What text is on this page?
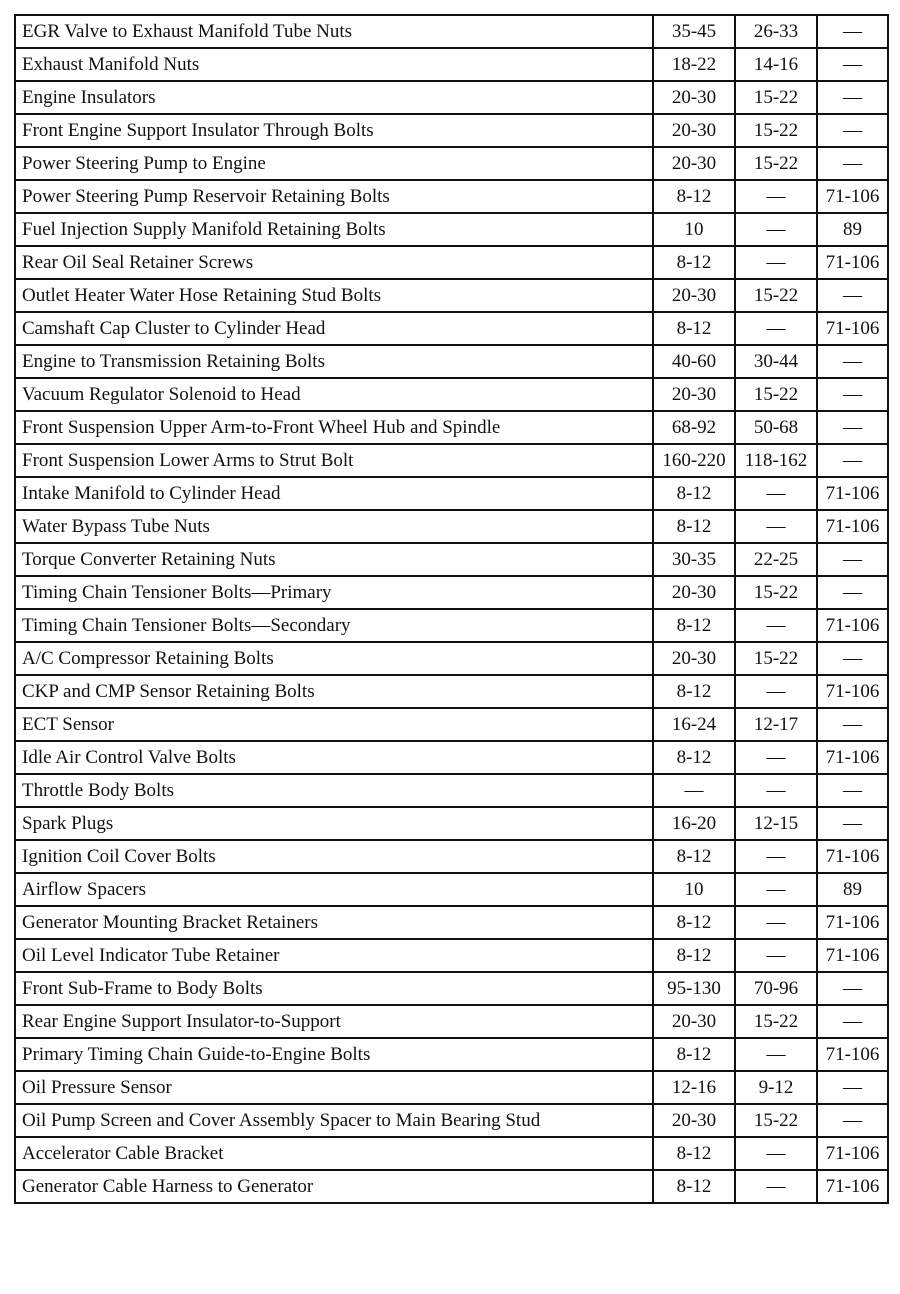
EGR Valve to Exhaust Manifold Tube Nuts	35-45	26-33	—
Exhaust Manifold Nuts	18-22	14-16	—
Engine Insulators	20-30	15-22	—
Front Engine Support Insulator Through Bolts	20-30	15-22	—
Power Steering Pump to Engine	20-30	15-22	—
Power Steering Pump Reservoir Retaining Bolts	8-12	—	71-106
Fuel Injection Supply Manifold Retaining Bolts	10	—	89
Rear Oil Seal Retainer Screws	8-12	—	71-106
Outlet Heater Water Hose Retaining Stud Bolts	20-30	15-22	—
Camshaft Cap Cluster to Cylinder Head	8-12	—	71-106
Engine to Transmission Retaining Bolts	40-60	30-44	—
Vacuum Regulator Solenoid to Head	20-30	15-22	—
Front Suspension Upper Arm-to-Front Wheel Hub and Spindle	68-92	50-68	—
Front Suspension Lower Arms to Strut Bolt	160-220	118-162	—
Intake Manifold to Cylinder Head	8-12	—	71-106
Water Bypass Tube Nuts	8-12	—	71-106
Torque Converter Retaining Nuts	30-35	22-25	—
Timing Chain Tensioner Bolts—Primary	20-30	15-22	—
Timing Chain Tensioner Bolts—Secondary	8-12	—	71-106
A/C Compressor Retaining Bolts	20-30	15-22	—
CKP and CMP Sensor Retaining Bolts	8-12	—	71-106
ECT Sensor	16-24	12-17	—
Idle Air Control Valve Bolts	8-12	—	71-106
Throttle Body Bolts	—	—	—
Spark Plugs	16-20	12-15	—
Ignition Coil Cover Bolts	8-12	—	71-106
Airflow Spacers	10	—	89
Generator Mounting Bracket Retainers	8-12	—	71-106
Oil Level Indicator Tube Retainer	8-12	—	71-106
Front Sub-Frame to Body Bolts	95-130	70-96	—
Rear Engine Support Insulator-to-Support	20-30	15-22	—
Primary Timing Chain Guide-to-Engine Bolts	8-12	—	71-106
Oil Pressure Sensor	12-16	9-12	—
Oil Pump Screen and Cover Assembly Spacer to Main Bearing Stud	20-30	15-22	—
Accelerator Cable Bracket	8-12	—	71-106
Generator Cable Harness to Generator	8-12	—	71-106
